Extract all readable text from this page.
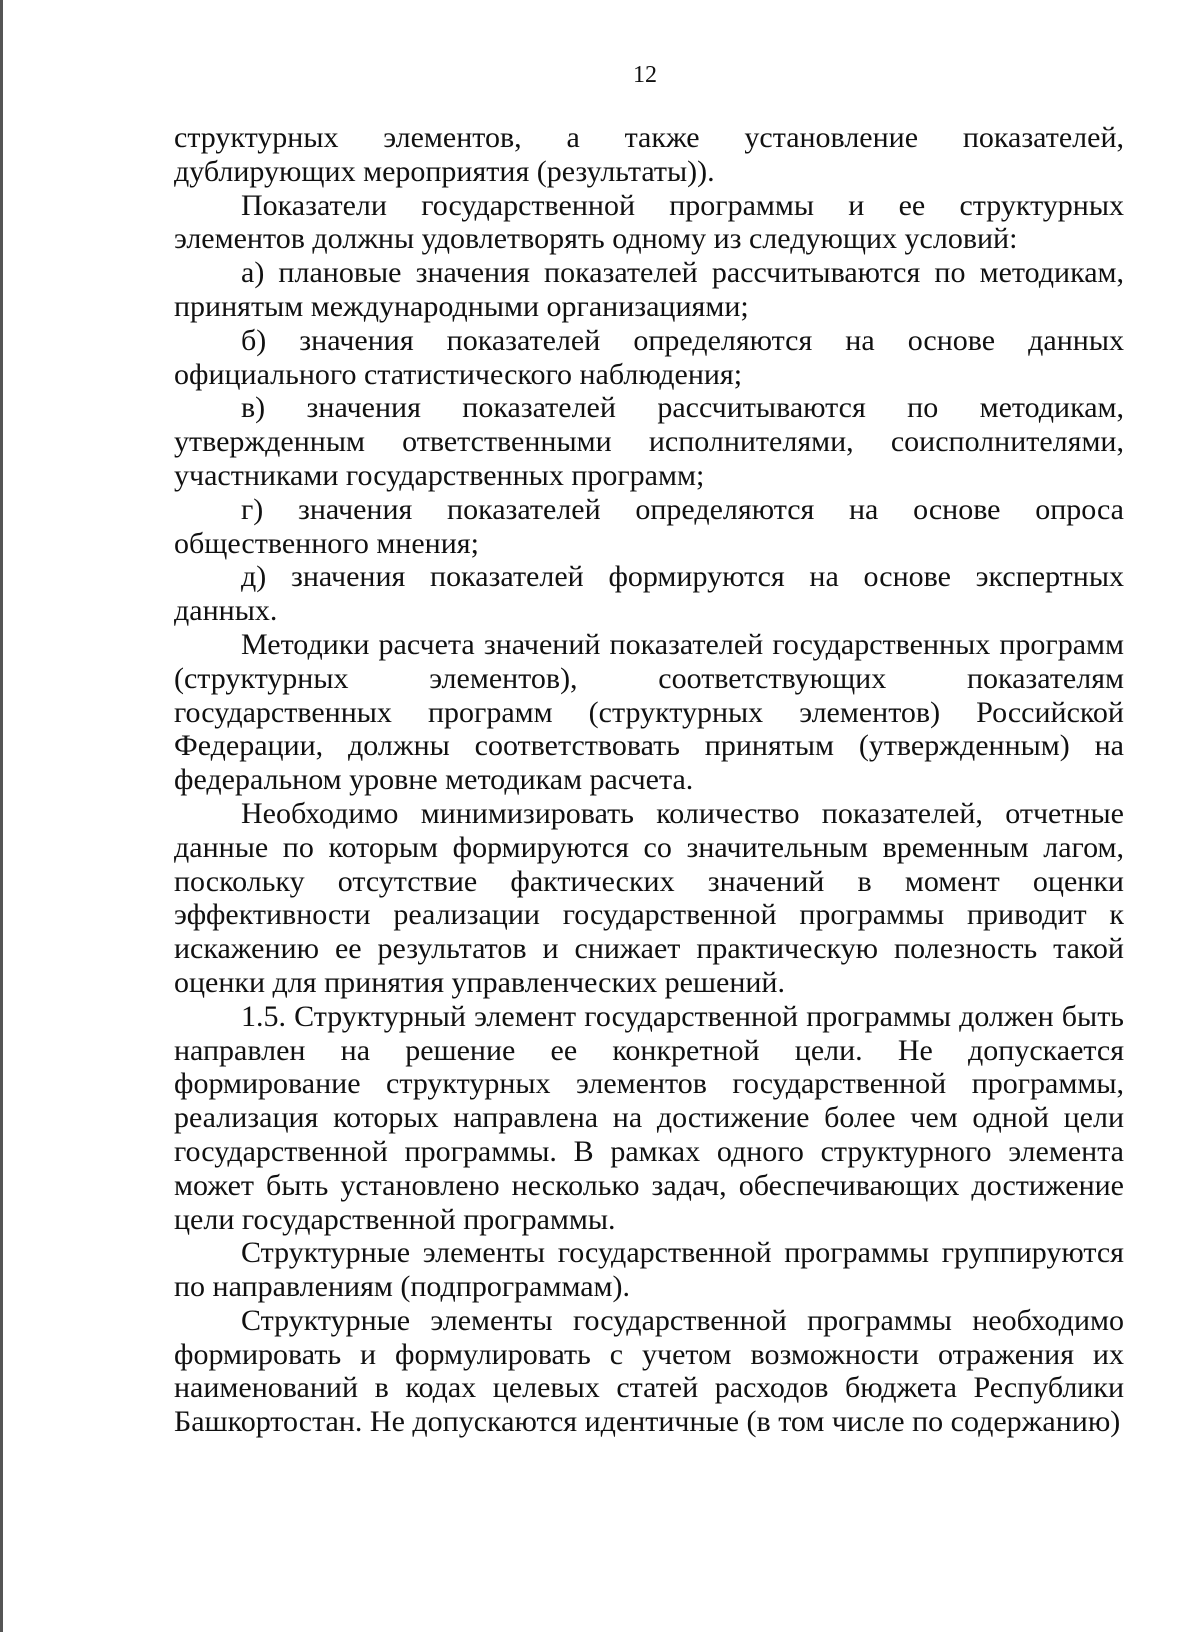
12

структурных элементов, а также установление показателей, дублирующих мероприятия (результаты)).

Показатели государственной программы и ее структурных элементов должны удовлетворять одному из следующих условий:

а) плановые значения показателей рассчитываются по методикам, принятым международными организациями;

б) значения показателей определяются на основе данных официального статистического наблюдения;

в) значения показателей рассчитываются по методикам, утвержденным ответственными исполнителями, соисполнителями, участниками государственных программ;

г) значения показателей определяются на основе опроса общественного мнения;

д) значения показателей формируются на основе экспертных данных.

Методики расчета значений показателей государственных программ (структурных элементов), соответствующих показателям государственных программ (структурных элементов) Российской Федерации, должны соответствовать принятым (утвержденным) на федеральном уровне методикам расчета.

Необходимо минимизировать количество показателей, отчетные данные по которым формируются со значительным временным лагом, поскольку отсутствие фактических значений в момент оценки эффективности реализации государственной программы приводит к искажению ее результатов и снижает практическую полезность такой оценки для принятия управленческих решений.

1.5. Структурный элемент государственной программы должен быть направлен на решение ее конкретной цели. Не допускается формирование структурных элементов государственной программы, реализация которых направлена на достижение более чем одной цели государственной программы. В рамках одного структурного элемента может быть установлено несколько задач, обеспечивающих достижение цели государственной программы.

Структурные элементы государственной программы группируются по направлениям (подпрограммам).

Структурные элементы государственной программы необходимо формировать и формулировать с учетом возможности отражения их наименований в кодах целевых статей расходов бюджета Республики Башкортостан. Не допускаются идентичные (в том числе по содержанию)
